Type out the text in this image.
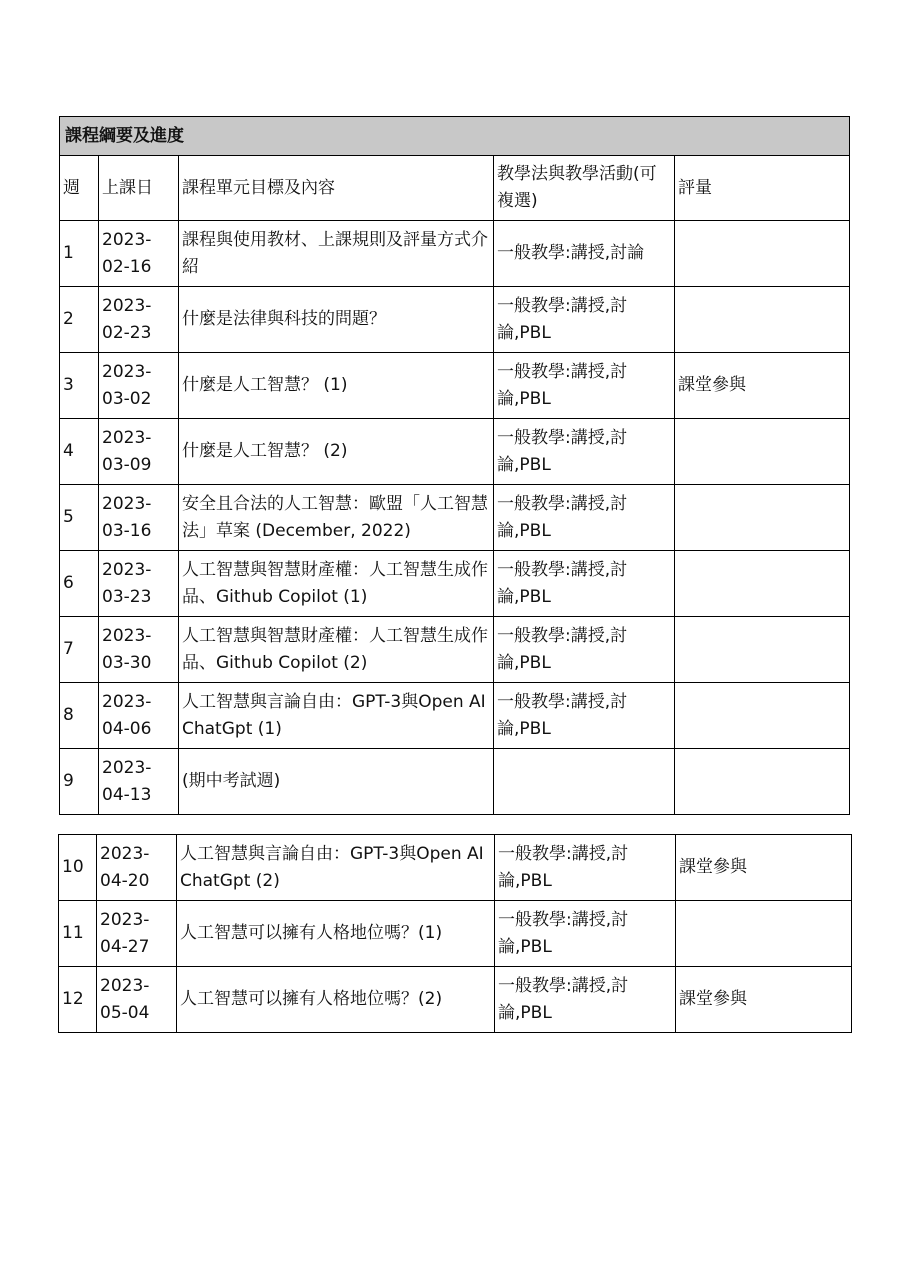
課程綱要及進度				
週	上課日	課程單元目標及內容	教學法與教學活動(可複選)	評量
1	2023-02-16	課程與使用教材、上課規則及評量方式介紹	一般教學:講授,討論	
2	2023-02-23	什麼是法律與科技的問題？	一般教學:講授,討論,PBL	
3	2023-03-02	什麼是人工智慧？ (1)	一般教學:講授,討論,PBL	課堂參與
4	2023-03-09	什麼是人工智慧？ (2)	一般教學:講授,討論,PBL	
5	2023-03-16	安全且合法的人工智慧：歐盟「人工智慧法」草案 (December, 2022)	一般教學:講授,討論,PBL	
6	2023-03-23	人工智慧與智慧財產權：人工智慧生成作品、Github Copilot (1)	一般教學:講授,討論,PBL	
7	2023-03-30	人工智慧與智慧財產權：人工智慧生成作品、Github Copilot (2)	一般教學:講授,討論,PBL	
8	2023-04-06	人工智慧與言論自由：GPT-3與Open AI ChatGpt (1)	一般教學:講授,討論,PBL	
9	2023-04-13	(期中考試週)		
10	2023-04-20	人工智慧與言論自由：GPT-3與Open AI ChatGpt (2)	一般教學:講授,討論,PBL	課堂參與
11	2023-04-27	人工智慧可以擁有人格地位嗎？(1)	一般教學:講授,討論,PBL	
12	2023-05-04	人工智慧可以擁有人格地位嗎？(2)	一般教學:講授,討論,PBL	課堂參與
